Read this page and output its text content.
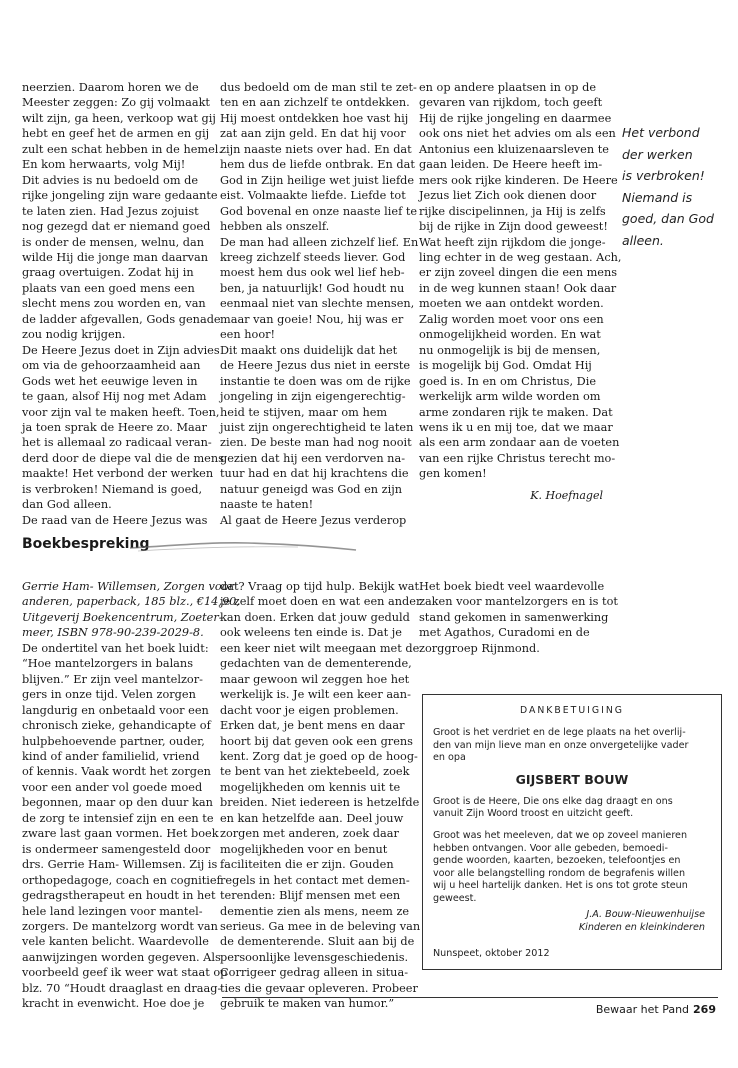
neerzien. Daarom horen we de
Meester zeggen: Zo gij volmaakt
wilt zijn, ga heen, verkoop wat gij
hebt en geef het de armen en gij
zult een schat hebben in de hemel.
En kom herwaarts, volg Mij!
Dit advies is nu bedoeld om de
rijke jongeling zijn ware gedaante
te laten zien. Had Jezus zojuist
nog gezegd dat er niemand goed
is onder de mensen, welnu, dan
wilde Hij die jonge man daarvan
graag overtuigen. Zodat hij in
plaats van een goed mens een
slecht mens zou worden en, van
de ladder afgevallen, Gods genade
zou nodig krijgen.
De Heere Jezus doet in Zijn advies
om via de gehoorzaamheid aan
Gods wet het eeuwige leven in
te gaan, alsof Hij nog met Adam
voor zijn val te maken heeft. Toen,
ja toen sprak de Heere zo. Maar
het is allemaal zo radicaal veran-
derd door de diepe val die de mens
maakte! Het verbond der werken
is verbroken! Niemand is goed,
dan God alleen.
De raad van de Heere Jezus was
dus bedoeld om de man stil te zet-
ten en aan zichzelf te ontdekken.
Hij moest ontdekken hoe vast hij
zat aan zijn geld. En dat hij voor
zijn naaste niets over had. En dat
hem dus de liefde ontbrak. En dat
God in Zijn heilige wet juist liefde
eist. Volmaakte liefde. Liefde tot
God bovenal en onze naaste lief te
hebben als onszelf.
De man had alleen zichzelf lief. En
kreeg zichzelf steeds liever. God
moest hem dus ook wel lief heb-
ben, ja natuurlijk! God houdt nu
eenmaal niet van slechte mensen,
maar van goeie! Nou, hij was er
een hoor!
Dit maakt ons duidelijk dat het
de Heere Jezus dus niet in eerste
instantie te doen was om de rijke
jongeling in zijn eigengerechtig-
heid te stijven, maar om hem
juist zijn ongerechtigheid te laten
zien. De beste man had nog nooit
gezien dat hij een verdorven na-
tuur had en dat hij krachtens die
natuur geneigd was God en zijn
naaste te haten!
Al gaat de Heere Jezus verderop
en op andere plaatsen in op de
gevaren van rijkdom, toch geeft
Hij de rijke jongeling en daarmee
ook ons niet het advies om als een
Antonius een kluizenaarsleven te
gaan leiden. De Heere heeft im-
mers ook rijke kinderen. De Heere
Jezus liet Zich ook dienen door
rijke discipelinnen, ja Hij is zelfs
bij de rijke in Zijn dood geweest!
Wat heeft zijn rijkdom die jonge-
ling echter in de weg gestaan. Ach,
er zijn zoveel dingen die een mens
in de weg kunnen staan! Ook daar
moeten we aan ontdekt worden.
Zalig worden moet voor ons een
onmogelijkheid worden. En wat
nu onmogelijk is bij de mensen,
is mogelijk bij God. Omdat Hij
goed is. In en om Christus, Die
werkelijk arm wilde worden om
arme zondaren rijk te maken. Dat
wens ik u en mij toe, dat we maar
als een arm zondaar aan de voeten
van een rijke Christus terecht mo-
gen komen!
K. Hoefnagel
Het verbond
der werken
is verbroken!
Niemand is
goed, dan God
alleen.
Boekbespreking
Gerrie Ham- Willemsen, Zorgen voor
anderen, paperback, 185 blz., €14,90,
Uitgeverij Boekencentrum, Zoeter-
meer, ISBN 978-90-239-2029-8.
De ondertitel van het boek luidt:
“Hoe mantelzorgers in balans
blijven.” Er zijn veel mantelzor-
gers in onze tijd. Velen zorgen
langdurig en onbetaald voor een
chronisch zieke, gehandicapte of
hulpbehoevende partner, ouder,
kind of ander familielid, vriend
of kennis. Vaak wordt het zorgen
voor een ander vol goede moed
begonnen, maar op den duur kan
de zorg te intensief zijn en een te
zware last gaan vormen. Het boek
is ondermeer samengesteld door
drs. Gerrie Ham- Willemsen. Zij is
orthopedagoge, coach en cognitief
gedragstherapeut en houdt in het
hele land lezingen voor mantel-
zorgers. De mantelzorg wordt van
vele kanten belicht. Waardevolle
aanwijzingen worden gegeven. Als
voorbeeld geef ik weer wat staat op
blz. 70 “Houdt draaglast en draag-
kracht in evenwicht. Hoe doe je
dat? Vraag op tijd hulp. Bekijk wat
je zelf moet doen en wat een ander
kan doen. Erken dat jouw geduld
ook weleens ten einde is. Dat je
een keer niet wilt meegaan met de
gedachten van de dementerende,
maar gewoon wil zeggen hoe het
werkelijk is. Je wilt een keer aan-
dacht voor je eigen problemen.
Erken dat, je bent mens en daar
hoort bij dat geven ook een grens
kent. Zorg dat je goed op de hoog-
te bent van het ziektebeeld, zoek
mogelijkheden om kennis uit te
breiden. Niet iedereen is hetzelfde
en kan hetzelfde aan. Deel jouw
zorgen met anderen, zoek daar
mogelijkheden voor en benut
faciliteiten die er zijn. Gouden
regels in het contact met demen-
terenden: Blijf mensen met een
dementie zien als mens, neem ze
serieus. Ga mee in de beleving van
de dementerende. Sluit aan bij de
persoonlijke levensgeschiedenis.
Corrigeer gedrag alleen in situa-
ties die gevaar opleveren. Probeer
gebruik te maken van humor.”
Het boek biedt veel waardevolle
zaken voor mantelzorgers en is tot
stand gekomen in samenwerking
met Agathos, Curadomi en de
zorggroep Rijnmond.
DANKBETUIGING
Groot is het verdriet en de lege plaats na het overlij-
den van mijn lieve man en onze onvergetelijke vader
en opa
GIJSBERT BOUW
Groot is de Heere, Die ons elke dag draagt en ons
vanuit Zijn Woord troost en uitzicht geeft.
Groot was het meeleven, dat we op zoveel manieren
hebben ontvangen. Voor alle gebeden, bemoedi-
gende woorden, kaarten, bezoeken, telefoontjes en
voor alle belangstelling rondom de begrafenis willen
wij u heel hartelijk danken. Het is ons tot grote steun
geweest.
J.A. Bouw-Nieuwenhuijse
Kinderen en kleinkinderen
Nunspeet, oktober 2012
Bewaar het Pand 269
